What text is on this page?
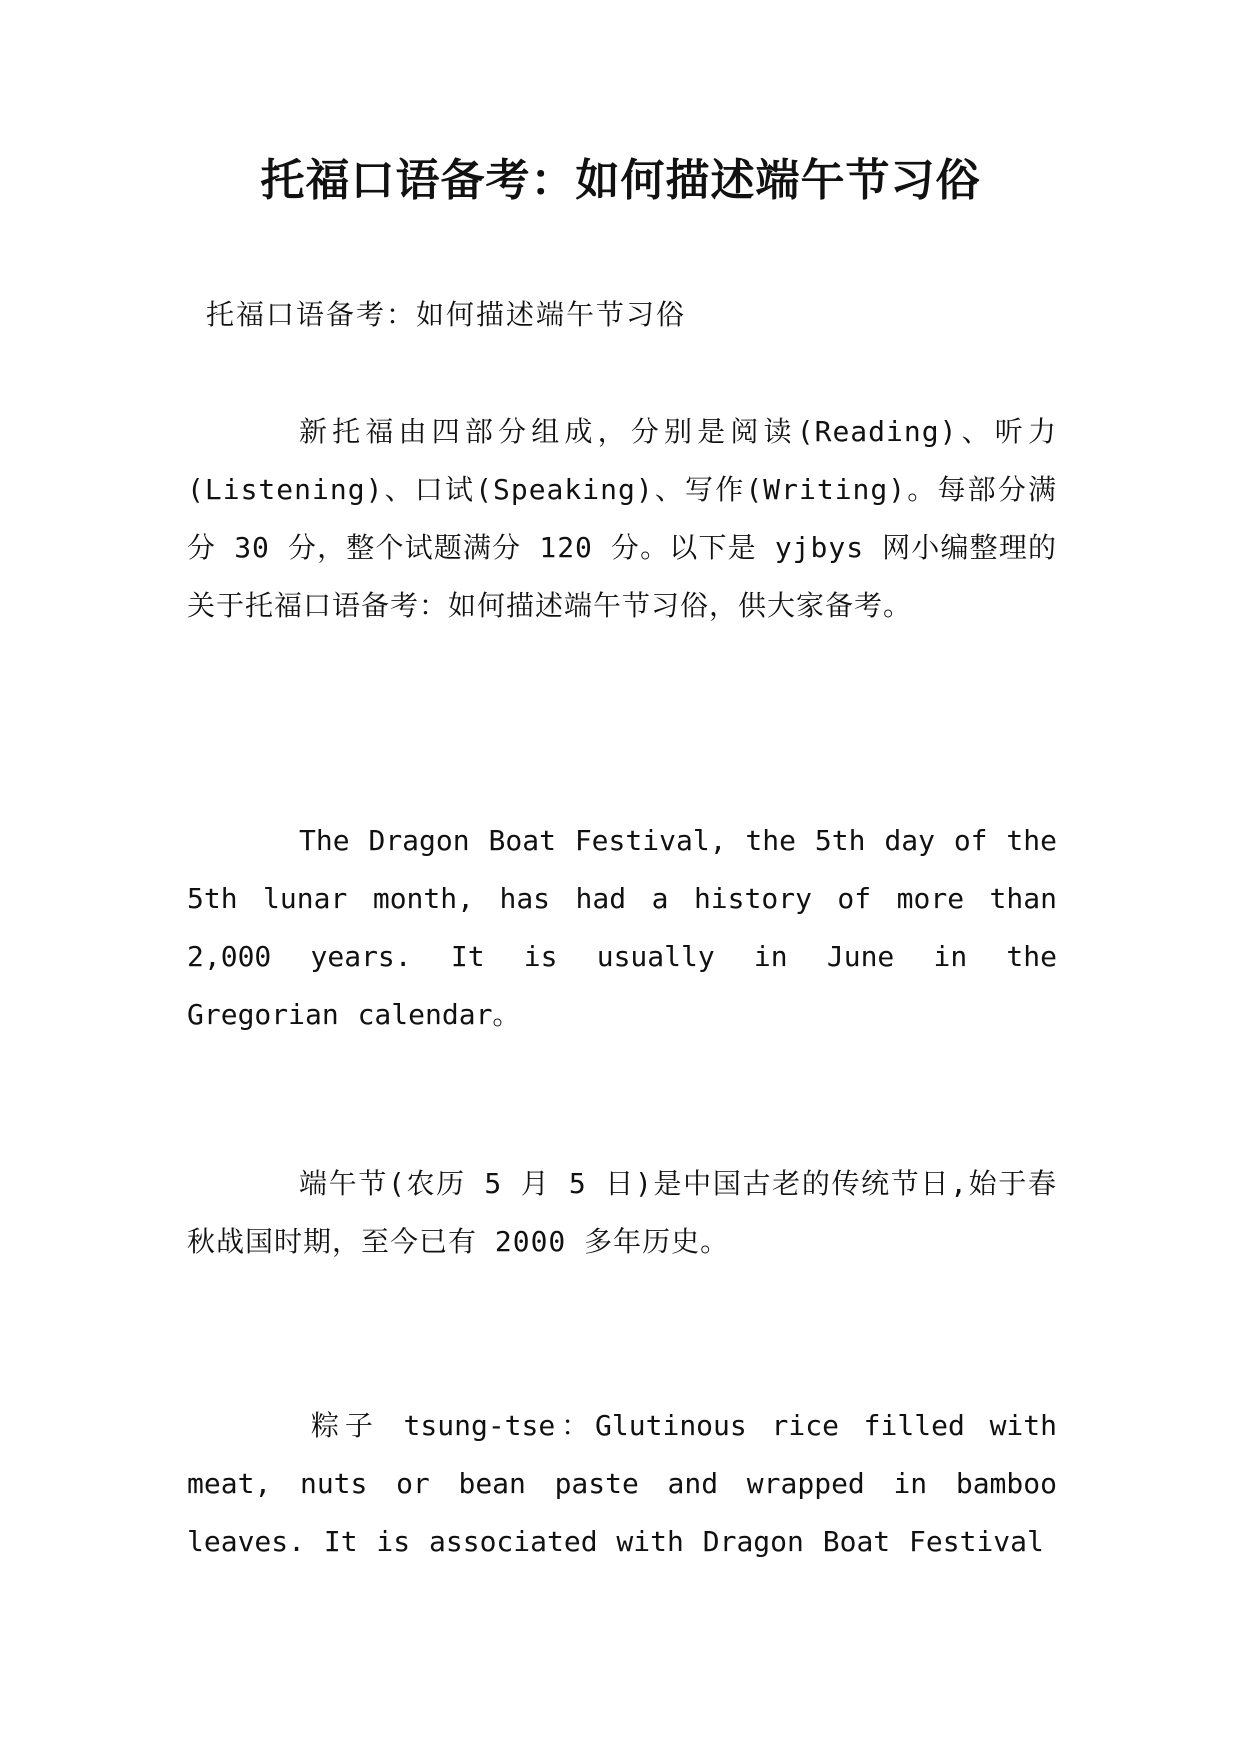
托福口语备考：如何描述端午节习俗
托福口语备考：如何描述端午节习俗

新托福由四部分组成，分别是阅读(Reading)、听力(Listening)、口试(Speaking)、写作(Writing)。每部分满分 30 分，整个试题满分 120 分。以下是 yjbys 网小编整理的关于托福口语备考：如何描述端午节习俗，供大家备考。

The Dragon Boat Festival, the 5th day of the 5th lunar month, has had a history of more than 2,000 years. It is usually in June in the Gregorian calendar。

端午节(农历 5 月 5 日)是中国古老的传统节日,始于春秋战国时期，至今已有 2000 多年历史。

粽子 tsung-tse：Glutinous rice filled with meat, nuts or bean paste and wrapped in bamboo leaves. It is associated with Dragon Boat Festival
